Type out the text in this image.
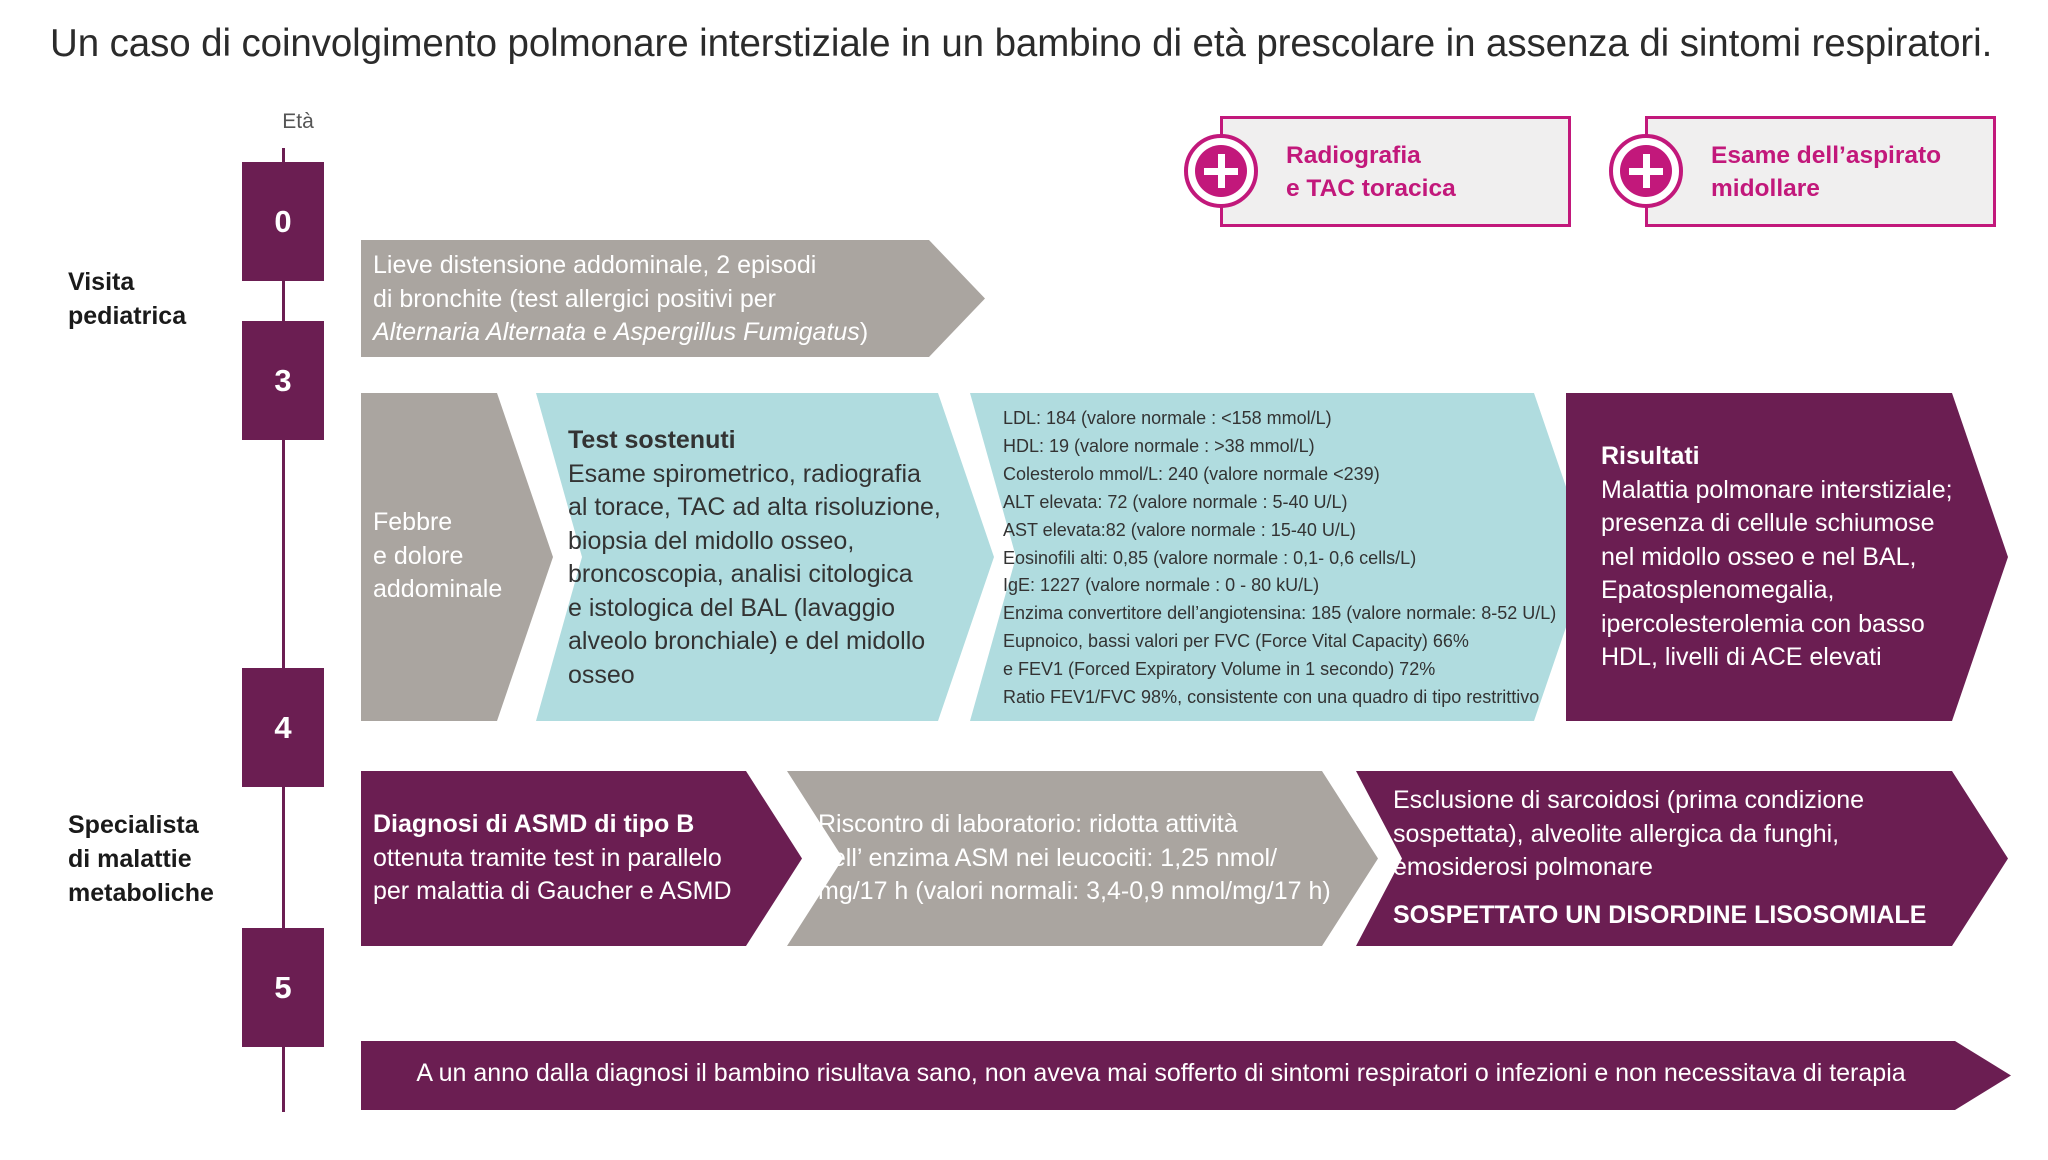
Un caso di coinvolgimento polmonare interstiziale in un bambino di età prescolare in assenza di sintomi respiratori.
Età
0
3
4
5
Visita
pediatrica
Specialista
di malattie
metaboliche
Radiografia
e TAC toracica
Esame dell’aspirato
midollare
Lieve distensione addominale, 2 episodi
di bronchite (test allergici positivi per
Alternaria Alternata e Aspergillus Fumigatus)
Febbre
e dolore
addominale
Test sostenuti
Esame spirometrico, radiografia
al torace, TAC ad alta risoluzione,
biopsia del midollo osseo,
broncoscopia, analisi citologica
e istologica del BAL (lavaggio
alveolo bronchiale) e del midollo
osseo
LDL: 184 (valore normale : <158 mmol/L)
HDL: 19 (valore normale : >38 mmol/L)
Colesterolo mmol/L: 240 (valore normale <239)
ALT elevata: 72 (valore normale : 5-40 U/L)
AST elevata:82 (valore normale : 15-40 U/L)
Eosinofili alti: 0,85 (valore normale : 0,1- 0,6 cells/L)
IgE: 1227 (valore normale : 0 - 80 kU/L)
Enzima convertitore dell’angiotensina: 185 (valore normale: 8-52 U/L)
Eupnoico, bassi valori per FVC (Force Vital Capacity) 66%
e FEV1 (Forced Expiratory Volume in 1 secondo) 72%
Ratio FEV1/FVC 98%, consistente con una quadro di tipo restrittivo
Risultati
Malattia polmonare interstiziale;
presenza di cellule schiumose
nel midollo osseo e nel BAL,
Epatosplenomegalia,
ipercolesterolemia con basso
HDL, livelli di ACE elevati
Diagnosi di ASMD di tipo B
ottenuta tramite test in parallelo
per malattia di Gaucher e ASMD
Riscontro di laboratorio: ridotta attività
dell’ enzima ASM nei leucociti: 1,25 nmol/
mg/17 h (valori normali: 3,4-0,9 nmol/mg/17 h)
Esclusione di sarcoidosi (prima condizione
sospettata), alveolite allergica da funghi,
emosiderosi polmonare
SOSPETTATO UN DISORDINE LISOSOMIALE
A un anno dalla diagnosi il bambino risultava sano, non aveva mai sofferto di sintomi respiratori o infezioni e non necessitava di terapia
